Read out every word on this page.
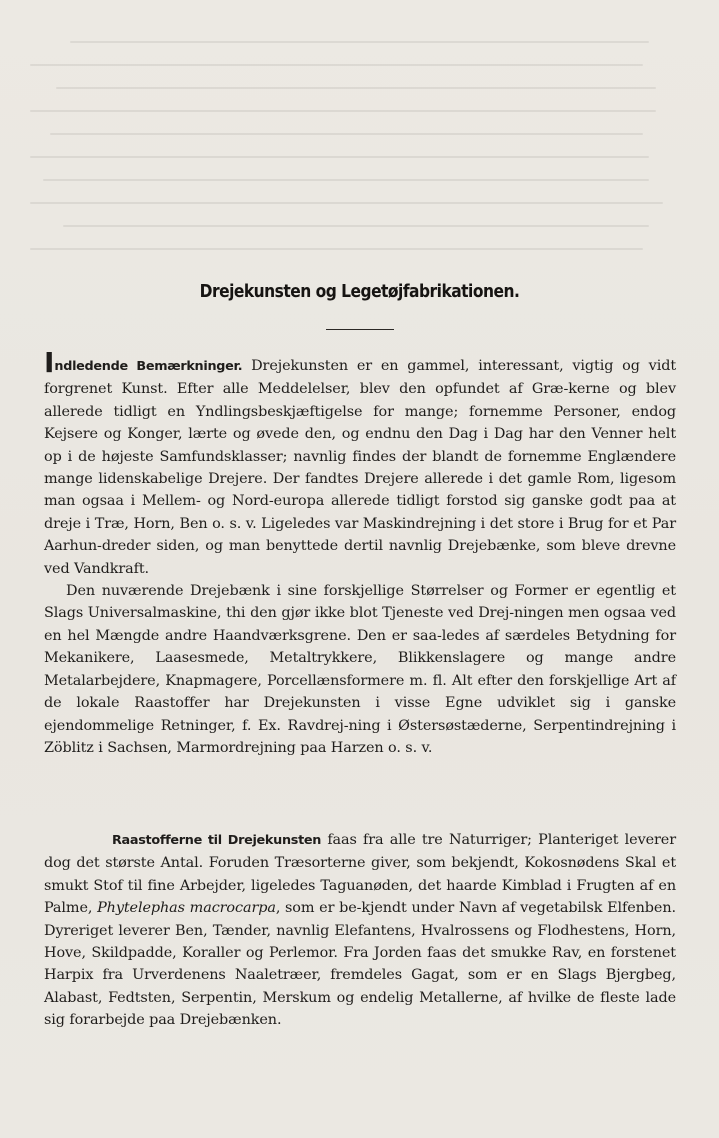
Drejekunsten og Legetøjfabrikationen.

Indledende Bemærkninger. Drejekunsten er en gammel, interessant, vigtig og vidt forgrenet Kunst. Efter alle Meddelelser, blev den opfundet af Græ-kerne og blev allerede tidligt en Yndlingsbeskjæftigelse for mange; fornemme Personer, endog Kejsere og Konger, lærte og øvede den, og endnu den Dag i Dag har den Venner helt op i de højeste Samfundsklasser; navnlig findes der blandt de fornemme Englændere mange lidenskabelige Drejere. Der fandtes Drejere allerede i det gamle Rom, ligesom man ogsaa i Mellem- og Nord-europa allerede tidligt forstod sig ganske godt paa at dreje i Træ, Horn, Ben o. s. v. Ligeledes var Maskindrejning i det store i Brug for et Par Aarhun-dreder siden, og man benyttede dertil navnlig Drejebænke, som bleve drevne ved Vandkraft.

Den nuværende Drejebænk i sine forskjellige Størrelser og Former er egentlig et Slags Universalmaskine, thi den gjør ikke blot Tjeneste ved Drej-ningen men ogsaa ved en hel Mængde andre Haandværksgrene. Den er saa-ledes af særdeles Betydning for Mekanikere, Laasesmede, Metaltrykkere, Blikkenslagere og mange andre Metalarbejdere, Knapmagere, Porcellænsformere m. fl. Alt efter den forskjellige Art af de lokale Raastoffer har Drejekunsten i visse Egne udviklet sig i ganske ejendommelige Retninger, f. Ex. Ravdrej-ning i Østersøstæderne, Serpentindrejning i Zöblitz i Sachsen, Marmordrejning paa Harzen o. s. v.

Raastofferne til Drejekunsten faas fra alle tre Naturriger; Planteriget leverer dog det største Antal. Foruden Træsorterne giver, som bekjendt, Kokosnødens Skal et smukt Stof til fine Arbejder, ligeledes Taguanøden, det haarde Kimblad i Frugten af en Palme, Phytelephas macrocarpa, som er be-kjendt under Navn af vegetabilsk Elfenben. Dyreriget leverer Ben, Tænder, navnlig Elefantens, Hvalrossens og Flodhestens, Horn, Hove, Skildpadde, Koraller og Perlemor. Fra Jorden faas det smukke Rav, en forstenet Harpix fra Urverdenens Naaletræer, fremdeles Gagat, som er en Slags Bjergbeg, Alabast, Fedtsten, Serpentin, Merskum og endelig Metallerne, af hvilke de fleste lade sig forarbejde paa Drejebænken.
